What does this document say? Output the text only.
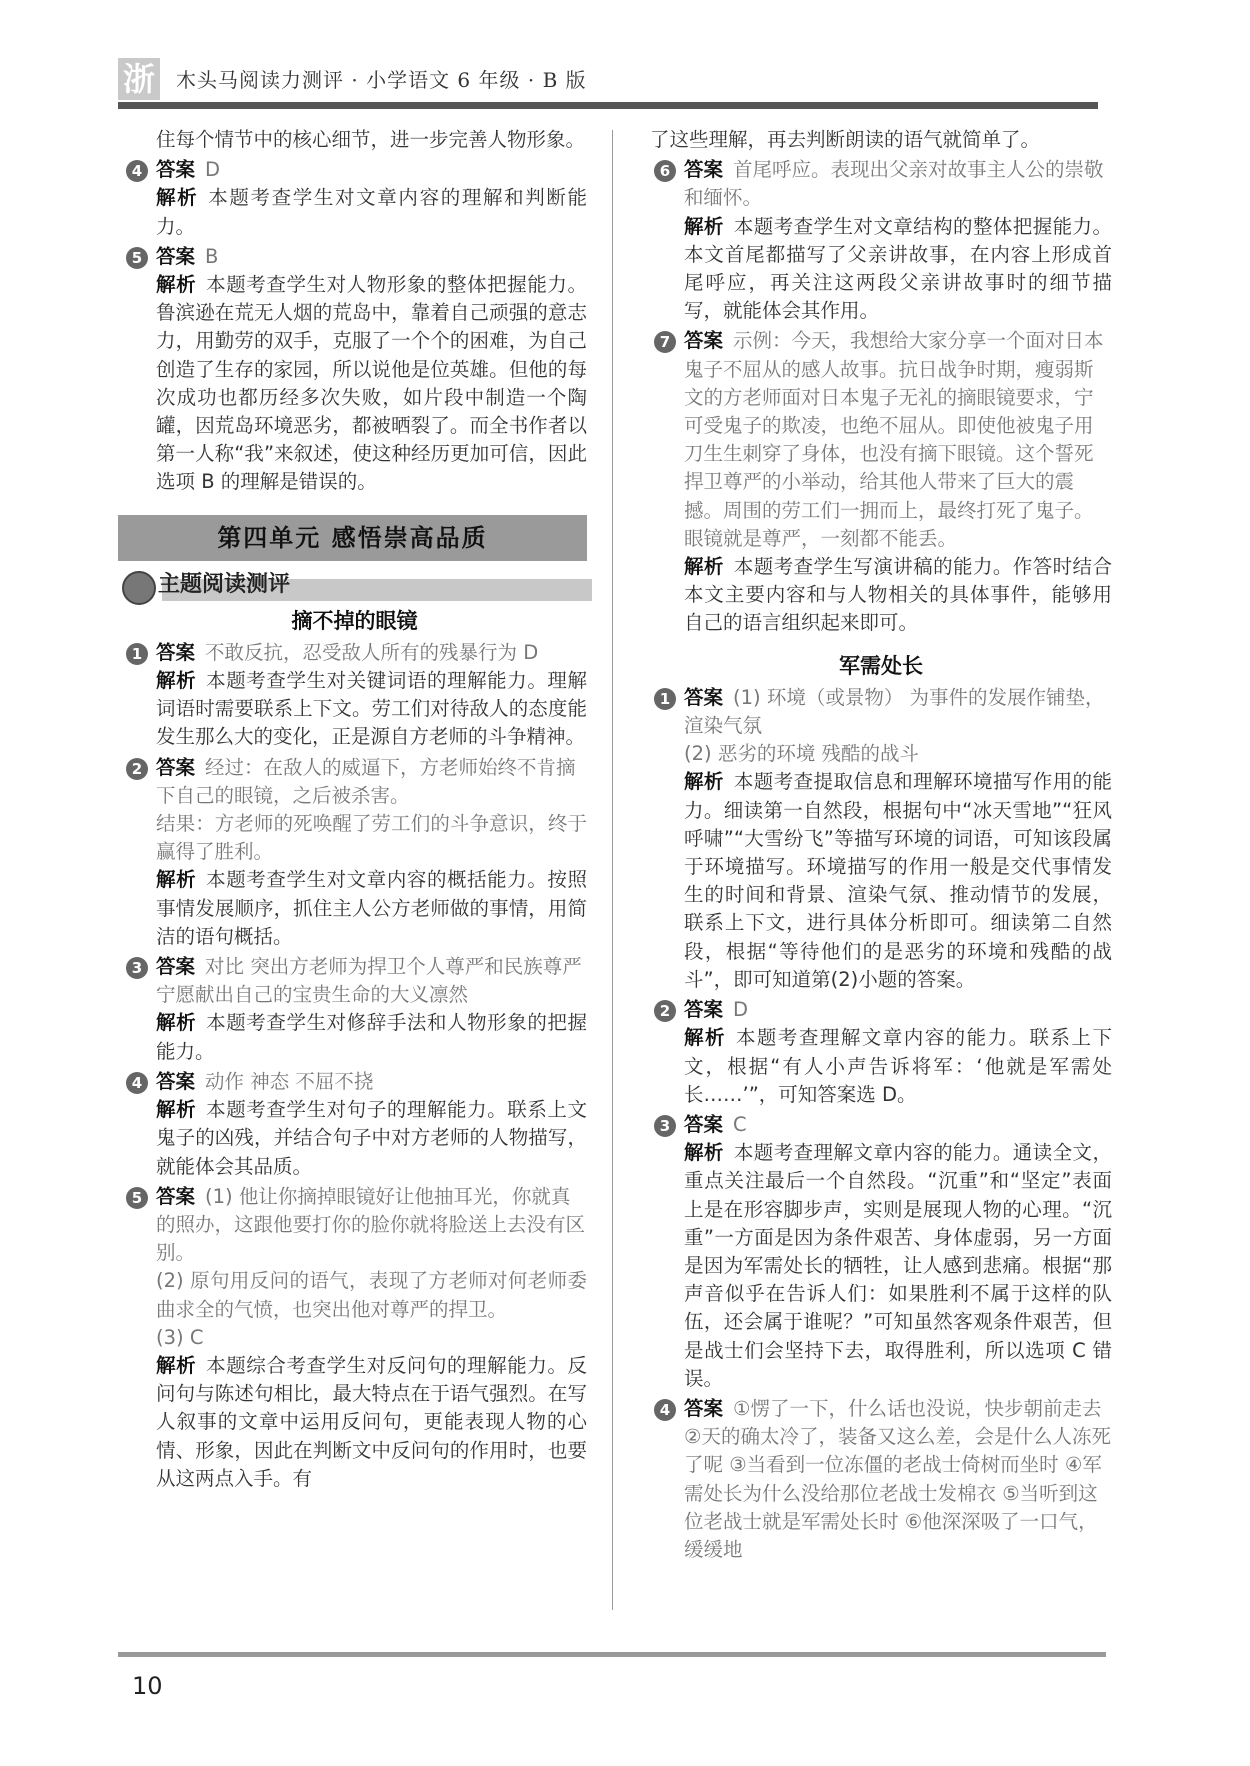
浙 木头马阅读力测评 · 小学语文 6 年级 · B 版

住每个情节中的核心细节，进一步完善人物形象。

4 答案 D

解析 本题考查学生对文章内容的理解和判断能力。

5 答案 B

解析 本题考查学生对人物形象的整体把握能力。鲁滨逊在荒无人烟的荒岛中，靠着自己顽强的意志力，用勤劳的双手，克服了一个个的困难，为自己创造了生存的家园，所以说他是位英雄。但他的每次成功也都历经多次失败，如片段中制造一个陶罐，因荒岛环境恶劣，都被晒裂了。而全书作者以第一人称“我”来叙述，使这种经历更加可信，因此选项 B 的理解是错误的。

第四单元 感悟崇高品质
主题阅读测评
摘不掉的眼镜
1 答案 不敢反抗，忍受敌人所有的残暴行为 D

解析 本题考查学生对关键词语的理解能力。理解词语时需要联系上下文。劳工们对待敌人的态度能发生那么大的变化，正是源自方老师的斗争精神。

2 答案 经过：在敌人的威逼下，方老师始终不肯摘下自己的眼镜，之后被杀害。

结果：方老师的死唤醒了劳工们的斗争意识，终于赢得了胜利。

解析 本题考查学生对文章内容的概括能力。按照事情发展顺序，抓住主人公方老师做的事情，用简洁的语句概括。

3 答案 对比 突出方老师为捍卫个人尊严和民族尊严宁愿献出自己的宝贵生命的大义凛然

解析 本题考查学生对修辞手法和人物形象的把握能力。

4 答案 动作 神态 不屈不挠

解析 本题考查学生对句子的理解能力。联系上文鬼子的凶残，并结合句子中对方老师的人物描写，就能体会其品质。

5 答案 (1) 他让你摘掉眼镜好让他抽耳光，你就真的照办，这跟他要打你的脸你就将脸送上去没有区别。

(2) 原句用反问的语气，表现了方老师对何老师委曲求全的气愤，也突出他对尊严的捍卫。

(3) C

解析 本题综合考查学生对反问句的理解能力。反问句与陈述句相比，最大特点在于语气强烈。在写人叙事的文章中运用反问句，更能表现人物的心情、形象，因此在判断文中反问句的作用时，也要从这两点入手。有

了这些理解，再去判断朗读的语气就简单了。

6 答案 首尾呼应。表现出父亲对故事主人公的崇敬和缅怀。

解析 本题考查学生对文章结构的整体把握能力。本文首尾都描写了父亲讲故事，在内容上形成首尾呼应，再关注这两段父亲讲故事时的细节描写，就能体会其作用。

7 答案 示例：今天，我想给大家分享一个面对日本鬼子不屈从的感人故事。抗日战争时期，瘦弱斯文的方老师面对日本鬼子无礼的摘眼镜要求，宁可受鬼子的欺凌，也绝不屈从。即使他被鬼子用刀生生刺穿了身体，也没有摘下眼镜。这个誓死捍卫尊严的小举动，给其他人带来了巨大的震撼。周围的劳工们一拥而上，最终打死了鬼子。眼镜就是尊严，一刻都不能丢。

解析 本题考查学生写演讲稿的能力。作答时结合本文主要内容和与人物相关的具体事件，能够用自己的语言组织起来即可。

军需处长
1 答案 (1) 环境（或景物） 为事件的发展作铺垫，渲染气氛

(2) 恶劣的环境 残酷的战斗

解析 本题考查提取信息和理解环境描写作用的能力。细读第一自然段，根据句中“冰天雪地”“狂风呼啸”“大雪纷飞”等描写环境的词语，可知该段属于环境描写。环境描写的作用一般是交代事情发生的时间和背景、渲染气氛、推动情节的发展，联系上下文，进行具体分析即可。细读第二自然段，根据“等待他们的是恶劣的环境和残酷的战斗”，即可知道第(2)小题的答案。

2 答案 D

解析 本题考查理解文章内容的能力。联系上下文，根据“有人小声告诉将军：‘他就是军需处长……’”，可知答案选 D。

3 答案 C

解析 本题考查理解文章内容的能力。通读全文，重点关注最后一个自然段。“沉重”和“坚定”表面上是在形容脚步声，实则是展现人物的心理。“沉重”一方面是因为条件艰苦、身体虚弱，另一方面是因为军需处长的牺牲，让人感到悲痛。根据“那声音似乎在告诉人们：如果胜利不属于这样的队伍，还会属于谁呢？”可知虽然客观条件艰苦，但是战士们会坚持下去，取得胜利，所以选项 C 错误。

4 答案 ①愣了一下，什么话也没说，快步朝前走去 ②天的确太冷了，装备又这么差，会是什么人冻死了呢 ③当看到一位冻僵的老战士倚树而坐时 ④军需处长为什么没给那位老战士发棉衣 ⑤当听到这位老战士就是军需处长时 ⑥他深深吸了一口气，缓缓地
10
